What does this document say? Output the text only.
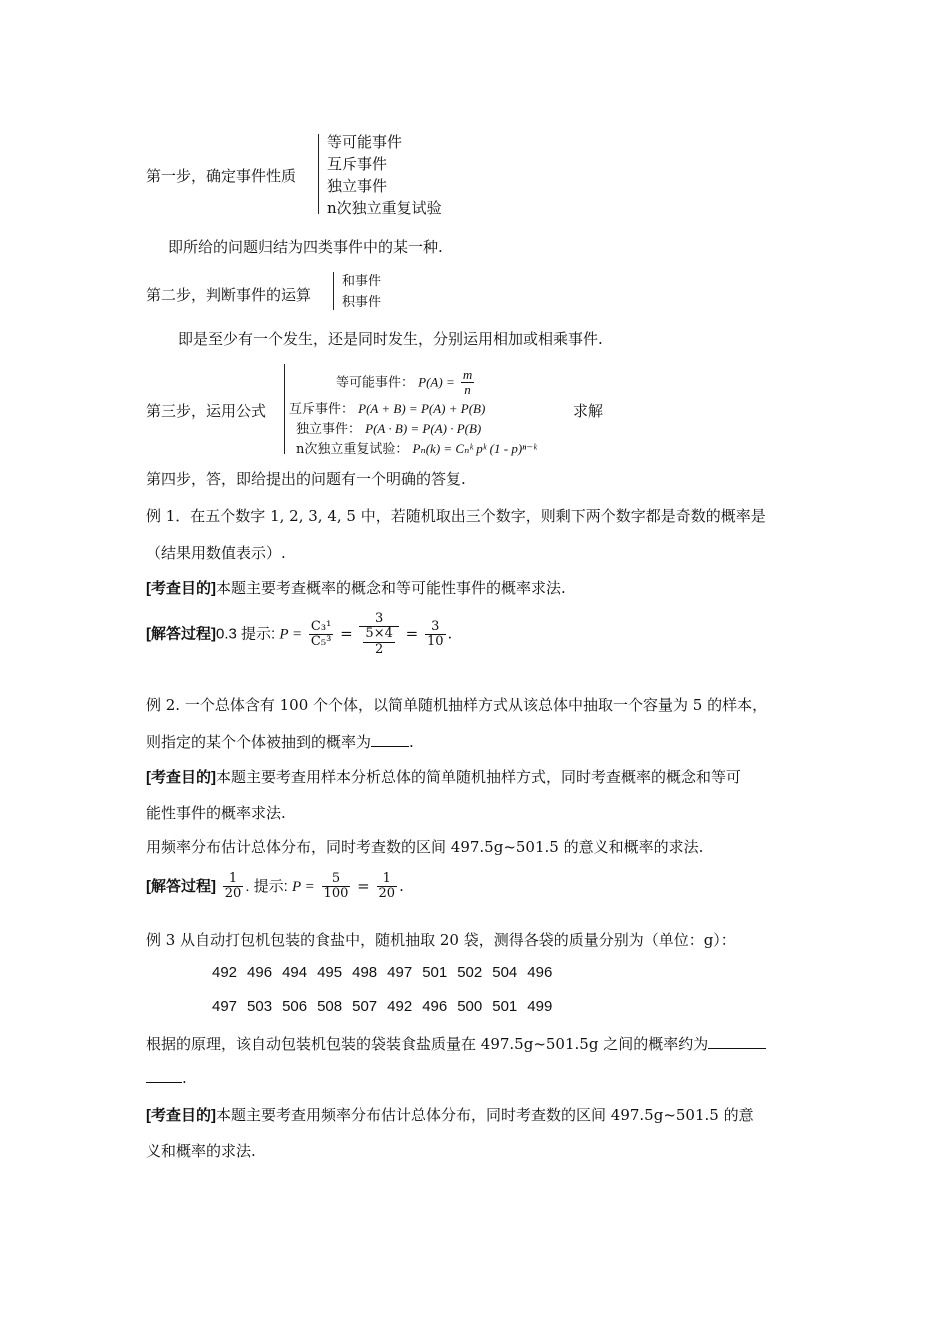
第一步，确定事件性质
等可能事件
互斥事件
独立事件
n次独立重复试验
即所给的问题归结为四类事件中的某一种.
第二步，判断事件的运算
和事件
积事件
即是至少有一个发生，还是同时发生，分别运用相加或相乘事件.
第三步，运用公式
等可能事件： $P(A) = \frac{m}{n}$
互斥事件： P(A + B) = P(A) + P(B)
独立事件： P(A · B) = P(A) · P(B)
n次独立重复试验： Pₙ(k) = Cₙᵏ pᵏ (1 - p)ⁿ⁻ᵏ
求解
第四步，答，即给提出的问题有一个明确的答复.
例 1．在五个数字 1, 2, 3, 4, 5 中，若随机取出三个数字，则剩下两个数字都是奇数的概率是
（结果用数值表示）.
[考查目的]本题主要考查概率的概念和等可能性事件的概率求法.
[解答过程]0.3 提示: $P = \frac{\text{C₃¹}}{\text{C₅³}} = \frac{3}{\frac{5\times 4}{2}} = \frac{3}{10}$ .
例 2. 一个总体含有 100 个个体，以简单随机抽样方式从该总体中抽取一个容量为 5 的样本，
则指定的某个个体被抽到的概率为	.
[考查目的]本题主要考查用样本分析总体的简单随机抽样方式，同时考查概率的概念和等可
能性事件的概率求法.
用频率分布估计总体分布，同时考查数的区间 497.5g~501.5 的意义和概率的求法.
[解答过程] $\frac{1}{20}$ . 提示: $P = \frac{5}{100} = \frac{1}{20}$ .
例 3 从自动打包机包装的食盐中，随机抽取 20 袋，测得各袋的质量分别为（单位：g）：
492 496 494 495 498 497 501 502 504 496
497 503 506 508 507 492 496 500 501 499
根据的原理，该自动包装机包装的袋装食盐质量在 497.5g~501.5g 之间的概率约为
.
[考查目的]本题主要考查用频率分布估计总体分布，同时考查数的区间 497.5g~501.5 的意
义和概率的求法.
